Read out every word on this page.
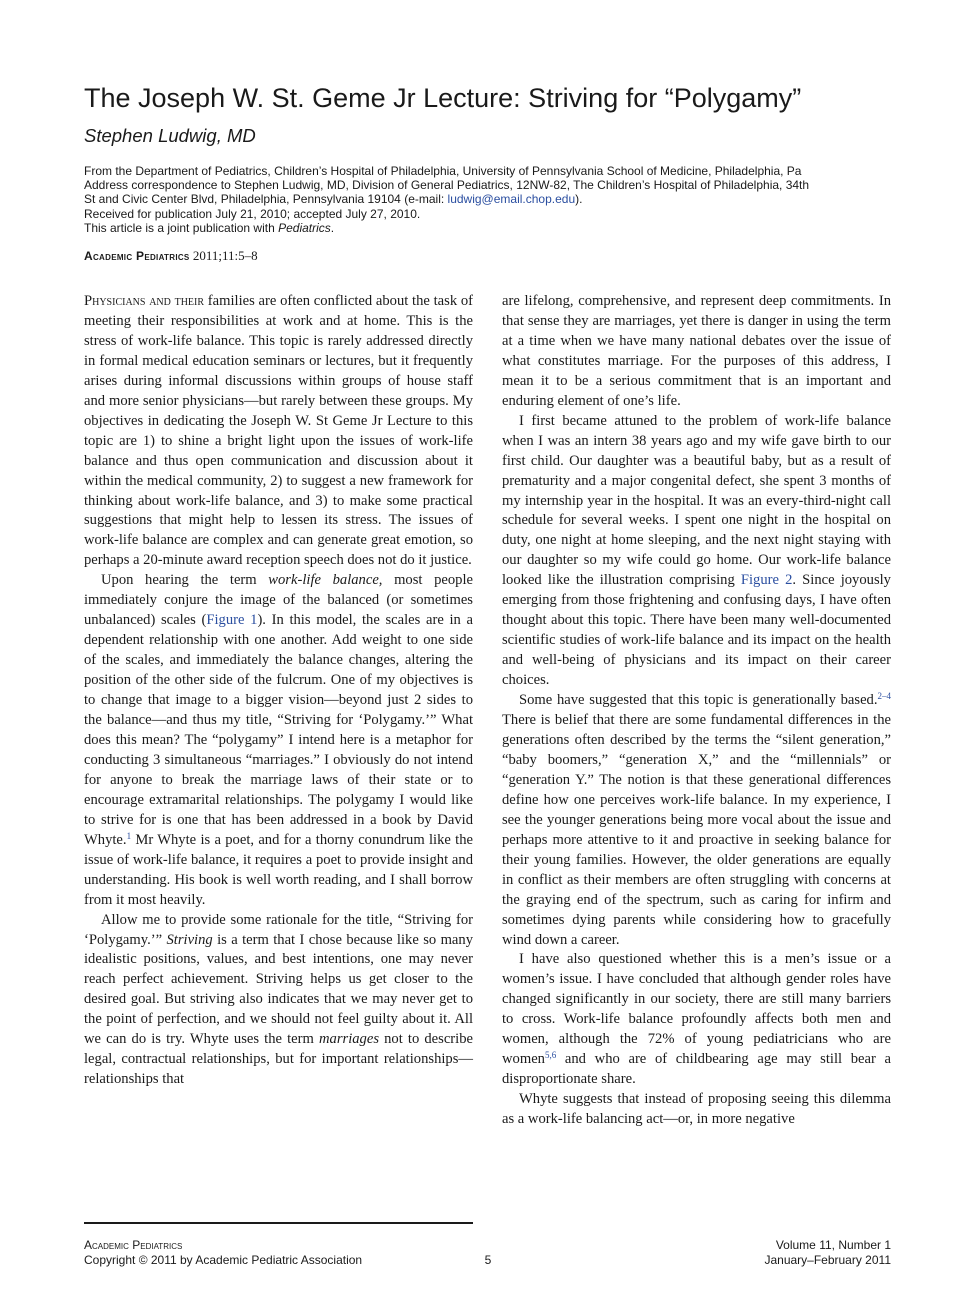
The Joseph W. St. Geme Jr Lecture: Striving for “Polygamy”
Stephen Ludwig, MD
From the Department of Pediatrics, Children’s Hospital of Philadelphia, University of Pennsylvania School of Medicine, Philadelphia, Pa
Address correspondence to Stephen Ludwig, MD, Division of General Pediatrics, 12NW-82, The Children’s Hospital of Philadelphia, 34th
St and Civic Center Blvd, Philadelphia, Pennsylvania 19104 (e-mail: ludwig@email.chop.edu).
Received for publication July 21, 2010; accepted July 27, 2010.
This article is a joint publication with Pediatrics.
Academic Pediatrics 2011;11:5–8

Physicians and their families are often conflicted about the task of meeting their responsibilities at work and at home. This is the stress of work-life balance. This topic is rarely addressed directly in formal medical education seminars or lectures, but it frequently arises during informal discussions within groups of house staff and more senior physicians—but rarely between these groups. My objectives in dedicating the Joseph W. St Geme Jr Lecture to this topic are 1) to shine a bright light upon the issues of work-life balance and thus open communication and discussion about it within the medical community, 2) to suggest a new framework for thinking about work-life balance, and 3) to make some practical suggestions that might help to lessen its stress. The issues of work-life balance are complex and can generate great emotion, so perhaps a 20-minute award reception speech does not do it justice.

Upon hearing the term work-life balance, most people immediately conjure the image of the balanced (or sometimes unbalanced) scales (Figure 1). In this model, the scales are in a dependent relationship with one another. Add weight to one side of the scales, and immediately the balance changes, altering the position of the other side of the fulcrum. One of my objectives is to change that image to a bigger vision—beyond just 2 sides to the balance—and thus my title, “Striving for ‘Polygamy.’” What does this mean? The “polygamy” I intend here is a metaphor for conducting 3 simultaneous “marriages.” I obviously do not intend for anyone to break the marriage laws of their state or to encourage extramarital relationships. The polygamy I would like to strive for is one that has been addressed in a book by David Whyte.$^1$ Mr Whyte is a poet, and for a thorny conundrum like the issue of work-life balance, it requires a poet to provide insight and understanding. His book is well worth reading, and I shall borrow from it most heavily.

Allow me to provide some rationale for the title, “Striving for ‘Polygamy.’” Striving is a term that I chose because like so many idealistic positions, values, and best intentions, one may never reach perfect achievement. Striving helps us get closer to the desired goal. But striving also indicates that we may never get to the point of perfection, and we should not feel guilty about it. All we can do is try. Whyte uses the term marriages not to describe legal, contractual relationships, but for important relationships—relationships that

are lifelong, comprehensive, and represent deep commitments. In that sense they are marriages, yet there is danger in using the term at a time when we have many national debates over the issue of what constitutes marriage. For the purposes of this address, I mean it to be a serious commitment that is an important and enduring element of one’s life.

I first became attuned to the problem of work-life balance when I was an intern 38 years ago and my wife gave birth to our first child. Our daughter was a beautiful baby, but as a result of prematurity and a major congenital defect, she spent 3 months of my internship year in the hospital. It was an every-third-night call schedule for several weeks. I spent one night in the hospital on duty, one night at home sleeping, and the next night staying with our daughter so my wife could go home. Our work-life balance looked like the illustration comprising Figure 2. Since joyously emerging from those frightening and confusing days, I have often thought about this topic. There have been many well-documented scientific studies of work-life balance and its impact on the health and well-being of physicians and its impact on their career choices.

Some have suggested that this topic is generationally based.$^{2-4}$ There is belief that there are some fundamental differences in the generations often described by the terms the “silent generation,” “baby boomers,” “generation X,” and the “millennials” or “generation Y.” The notion is that these generational differences define how one perceives work-life balance. In my experience, I see the younger generations being more vocal about the issue and perhaps more attentive to it and proactive in seeking balance for their young families. However, the older generations are equally in conflict as their members are often struggling with concerns at the graying end of the spectrum, such as caring for infirm and sometimes dying parents while considering how to gracefully wind down a career.

I have also questioned whether this is a men’s issue or a women’s issue. I have concluded that although gender roles have changed significantly in our society, there are still many barriers to cross. Work-life balance profoundly affects both men and women, although the 72% of young pediatricians who are women$^{5,6}$ and who are of childbearing age may still bear a disproportionate share.

Whyte suggests that instead of proposing seeing this dilemma as a work-life balancing act—or, in more negative

Academic Pediatrics
Copyright © 2011 by Academic Pediatric Association	5
Volume 11, Number 1
January–February 2011
